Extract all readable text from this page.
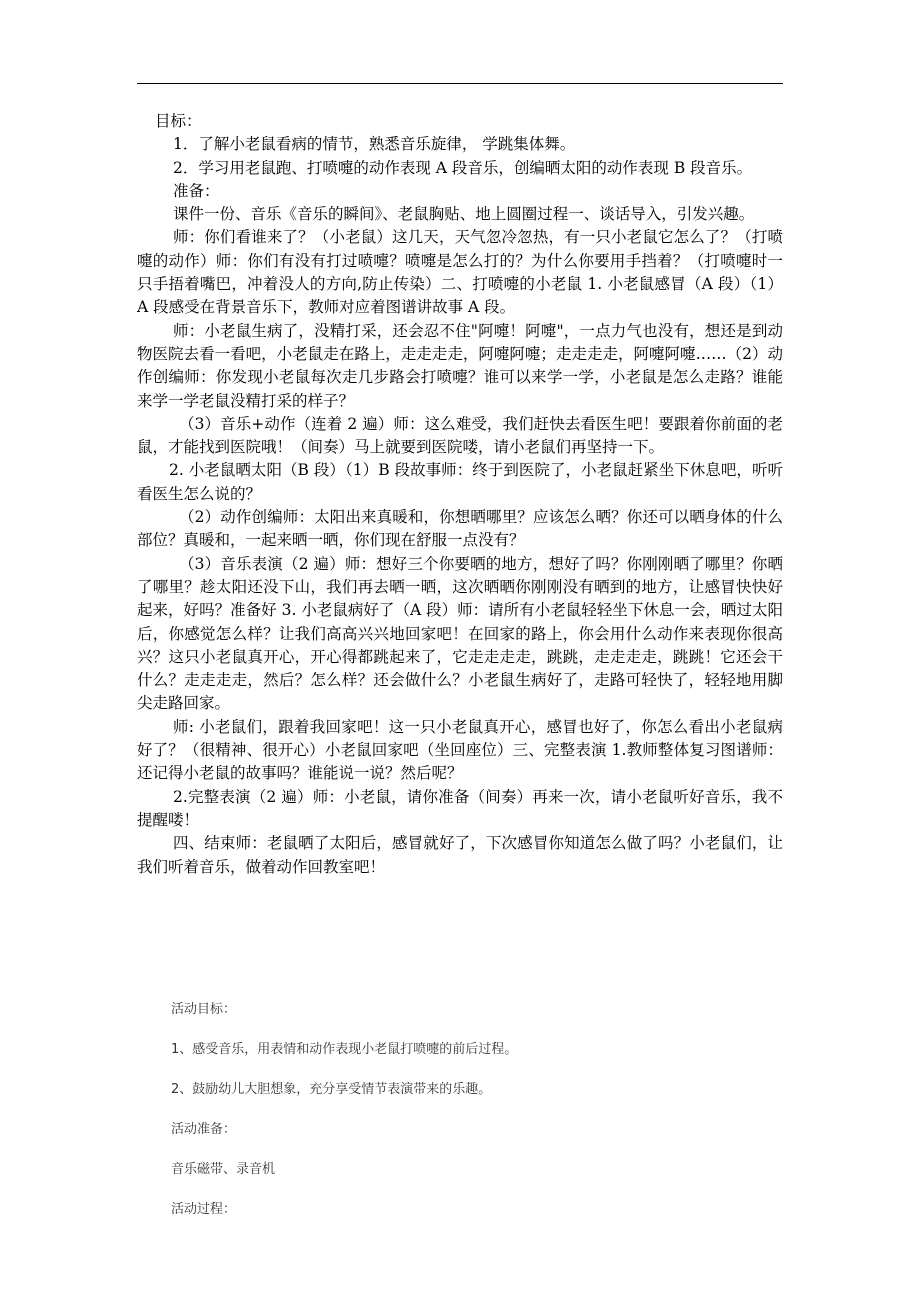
目标：

1．了解小老鼠看病的情节，熟悉音乐旋律， 学跳集体舞。

2．学习用老鼠跑、打喷嚏的动作表现 A 段音乐，创编晒太阳的动作表现 B 段音乐。

准备：

课件一份、音乐《音乐的瞬间》、老鼠胸贴、地上圆圈过程一、谈话导入，引发兴趣。

师：你们看谁来了？（小老鼠）这几天，天气忽冷忽热，有一只小老鼠它怎么了？（打喷嚏的动作）师：你们有没有打过喷嚏？喷嚏是怎么打的？为什么你要用手挡着？（打喷嚏时一只手捂着嘴巴，冲着没人的方向,防止传染）二、打喷嚏的小老鼠 1. 小老鼠感冒（A 段）（1）A 段感受在背景音乐下，教师对应着图谱讲故事 A 段。

师：小老鼠生病了，没精打采，还会忍不住"阿嚏！阿嚏"，一点力气也没有，想还是到动物医院去看一看吧，小老鼠走在路上，走走走走，阿嚏阿嚏；走走走走，阿嚏阿嚏……（2）动作创编师：你发现小老鼠每次走几步路会打喷嚏？谁可以来学一学，小老鼠是怎么走路？谁能来学一学老鼠没精打采的样子？

（3）音乐+动作（连着 2 遍）师：这么难受，我们赶快去看医生吧！要跟着你前面的老鼠，才能找到医院哦！（间奏）马上就要到医院喽，请小老鼠们再坚持一下。

2. 小老鼠晒太阳（B 段）（1）B 段故事师：终于到医院了，小老鼠赶紧坐下休息吧，听听看医生怎么说的？

（2）动作创编师：太阳出来真暖和，你想晒哪里？应该怎么晒？你还可以晒身体的什么部位？真暖和，一起来晒一晒，你们现在舒服一点没有？

（3）音乐表演（2 遍）师：想好三个你要晒的地方，想好了吗？你刚刚晒了哪里？你晒了哪里？趁太阳还没下山，我们再去晒一晒，这次晒晒你刚刚没有晒到的地方，让感冒快快好起来，好吗？准备好 3. 小老鼠病好了（A 段）师：请所有小老鼠轻轻坐下休息一会，晒过太阳后，你感觉怎么样？让我们高高兴兴地回家吧！在回家的路上，你会用什么动作来表现你很高兴？这只小老鼠真开心，开心得都跳起来了，它走走走走，跳跳，走走走走，跳跳！它还会干什么？走走走走，然后？怎么样？还会做什么？小老鼠生病好了，走路可轻快了，轻轻地用脚尖走路回家。

师: 小老鼠们，跟着我回家吧！这一只小老鼠真开心，感冒也好了，你怎么看出小老鼠病好了？（很精神、很开心）小老鼠回家吧（坐回座位）三、完整表演 1.教师整体复习图谱师：还记得小老鼠的故事吗？谁能说一说？然后呢？

2.完整表演（2 遍）师：小老鼠，请你准备（间奏）再来一次，请小老鼠听好音乐，我不提醒喽！

四、结束师：老鼠晒了太阳后，感冒就好了，下次感冒你知道怎么做了吗？小老鼠们，让我们听着音乐，做着动作回教室吧！

活动目标：

1、感受音乐，用表情和动作表现小老鼠打喷嚏的前后过程。

2、鼓励幼儿大胆想象，充分享受情节表演带来的乐趣。

活动准备：

音乐磁带、录音机

活动过程：
